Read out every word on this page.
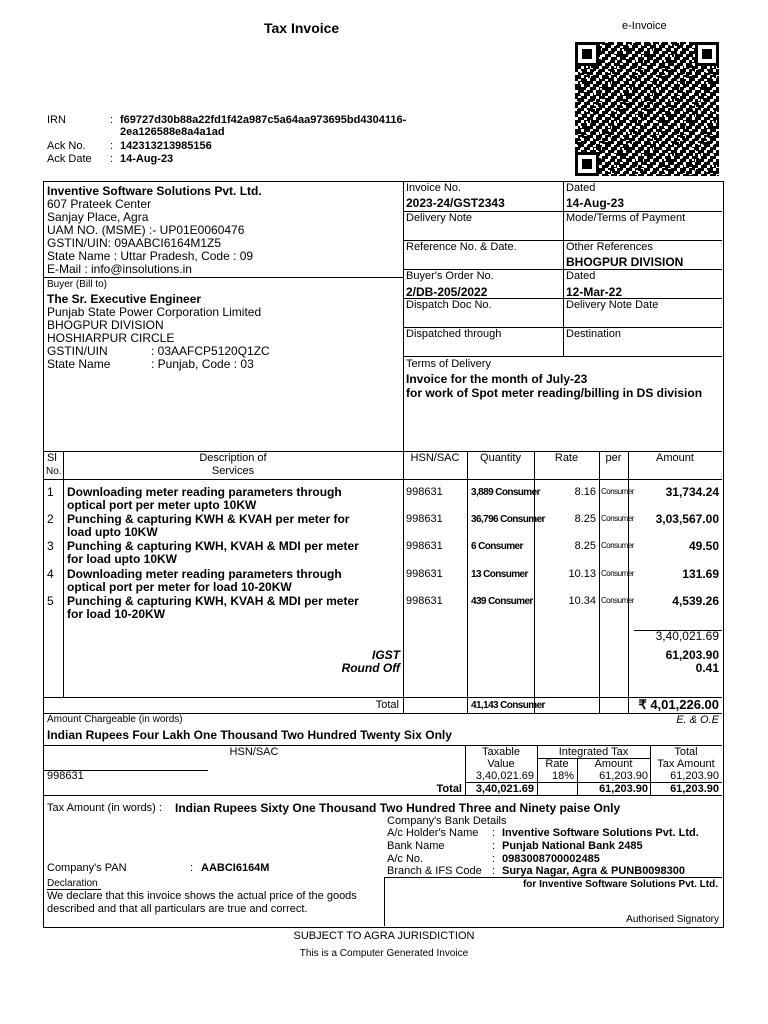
Tax Invoice	e-Invoice
IRN	: f69727d30b88a22fd1f42a987c5a64aa973695bd4304116-
2ea126588e8a4a1ad
Ack No. : 142313213985156
Ack Date : 14-Aug-23
Inventive Software Solutions Pvt. Ltd.
607 Prateek Center
Sanjay Place, Agra
UAM NO. (MSME) :- UP01E0060476
GSTIN/UIN: 09AABCI6164M1Z5
State Name : Uttar Pradesh, Code : 09
E-Mail : info@insolutions.in
Buyer (Bill to)
The Sr. Executive Engineer
Punjab State Power Corporation Limited
BHOGPUR DIVISION
HOSHIARPUR CIRCLE
GSTIN/UIN	: 03AAFCP5120Q1ZC
State Name	: Punjab, Code : 03
Invoice No.
2023-24/GST2343
Dated
14-Aug-23
Delivery Note	Mode/Terms of Payment
Reference No. & Date.	Other References
BHOGPUR DIVISION
Buyer's Order No.
2/DB-205/2022
Dated
12-Mar-22
Dispatch Doc No.	Delivery Note Date
Dispatched through	Destination
Terms of Delivery
Invoice for the month of July-23
for work of Spot meter reading/billing in DS division
Sl
No.
Description of
Services
HSN/SAC	Quantity	Rate	per	Amount
1 Downloading meter reading parameters through
optical port per meter upto 10KW
998631	3,889 Consumer	8.16 Consumer	31,734.24
2 Punching & capturing KWH & KVAH per meter for
load upto 10KW
998631	36,796 Consumer	8.25 Consumer	3,03,567.00
3 Punching & capturing KWH, KVAH & MDI per meter
for load upto 10KW
998631	6 Consumer	8.25 Consumer	49.50
4 Downloading meter reading parameters through
optical port per meter for load 10-20KW
998631	13 Consumer	10.13 Consumer	131.69
5 Punching & capturing KWH, KVAH & MDI per meter
for load 10-20KW
998631	439 Consumer	10.34 Consumer	4,539.26
3,40,021.69
IGST	61,203.90
Round Off	0.41
Total	41,143 Consumer	₹ 4,01,226.00
Amount Chargeable (in words)	E. & O.E
Indian Rupees Four Lakh One Thousand Two Hundred Twenty Six Only
HSN/SAC	Taxable
Value
Integrated Tax
Rate	Amount
Total
Tax Amount
998631	3,40,021.69	18%	61,203.90	61,203.90
Total	3,40,021.69	61,203.90	61,203.90
Tax Amount (in words) : Indian Rupees Sixty One Thousand Two Hundred Three and Ninety paise Only
Company's Bank Details
A/c Holder's Name : Inventive Software Solutions Pvt. Ltd.
Bank Name	: Punjab National Bank 2485
A/c No.	: 0983008700002485
Branch & IFS Code : Surya Nagar, Agra & PUNB0098300
Company's PAN	: AABCI6164M
Declaration
We declare that this invoice shows the actual price of the goods described and that all particulars are true and correct.
for Inventive Software Solutions Pvt. Ltd.
Authorised Signatory
SUBJECT TO AGRA JURISDICTION
This is a Computer Generated Invoice
